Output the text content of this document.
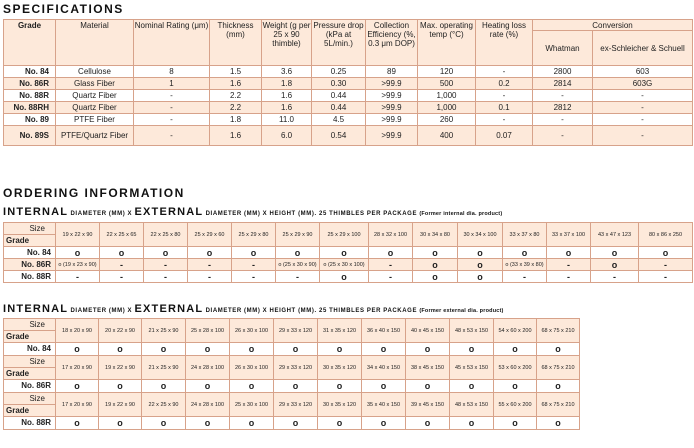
SPECIFICATIONS
Grade	Material	Nominal Rating (μm)	Thickness (mm)	Weight (g per 25 x 90 thimble)	Pressure drop (kPa at 5L/min.)	Collection Efficiency (%, 0.3 μm DOP)	Max. operating temp (°C)	Heating loss rate (%)	Conversion	
									Whatman	ex-Schleicher & Schuell
No. 84	Cellulose	8	1.5	3.6	0.25	89	120	-	2800	603
No. 86R	Glass Fiber	1	1.6	1.8	0.30	>99.9	500	0.2	2814	603G
No. 88R	Quartz Fiber	-	2.2	1.6	0.44	>99.9	1,000	-	-	-
No. 88RH	Quartz Fiber	-	2.2	1.6	0.44	>99.9	1,000	0.1	2812	-
No. 89	PTFE Fiber	-	1.8	11.0	4.5	>99.9	260	-	-	-
No. 89S	PTFE/Quartz Fiber	-	1.6	6.0	0.54	>99.9	400	0.07	-	-
ORDERING INFORMATION
INTERNAL DIAMETER (MM) X EXTERNAL DIAMETER (MM) X HEIGHT (MM). 25 THIMBLES PER PACKAGE (Former internal dia. product)
Size	19 x 22 x 90	22 x 25 x 65	22 x 25 x 80	25 x 29 x 60	25 x 29 x 80	25 x 29 x 90	25 x 29 x 100	28 x 32 x 100	30 x 34 x 80	30 x 34 x 100	33 x 37 x 80	33 x 37 x 100	43 x 47 x 123	80 x 86 x 250
Grade														
No. 84	o	o	o	o	o	o	o	o	o	o	o	o	o	o
No. 86R	o (19 x 23 x 90)	-	-	-	-	o (25 x 30 x 90)	o (25 x 30 x 100)	-	o	o	o (33 x 39 x 80)	-	o	-
No. 88R	-	-	-	-	-	-	o	-	o	o	-	-	-	-
INTERNAL DIAMETER (MM) X EXTERNAL DIAMETER (MM) X HEIGHT (MM). 25 THIMBLES PER PACKAGE (Former external dia. product)
Size	18 x 20 x 90	20 x 22 x 90	21 x 25 x 90	25 x 28 x 100	26 x 30 x 100	29 x 33 x 120	31 x 35 x 120	36 x 40 x 150	40 x 45 x 150	48 x 53 x 150	54 x 60 x 200	68 x 75 x 210
Grade												
No. 84	o	o	o	o	o	o	o	o	o	o	o	o
Size	17 x 20 x 90	19 x 22 x 90	21 x 25 x 90	24 x 28 x 100	26 x 30 x 100	29 x 33 x 120	30 x 35 x 120	34 x 40 x 150	38 x 45 x 150	45 x 53 x 150	53 x 60 x 200	68 x 75 x 210
Grade												
No. 86R	o	o	o	o	o	o	o	o	o	o	o	o
Size	17 x 20 x 90	19 x 22 x 90	22 x 25 x 90	24 x 28 x 100	25 x 30 x 100	29 x 33 x 120	30 x 35 x 120	35 x 40 x 150	39 x 45 x 150	48 x 53 x 150	55 x 60 x 200	68 x 75 x 210
Grade												
No. 88R	o	o	o	o	o	o	o	o	o	o	o	o
